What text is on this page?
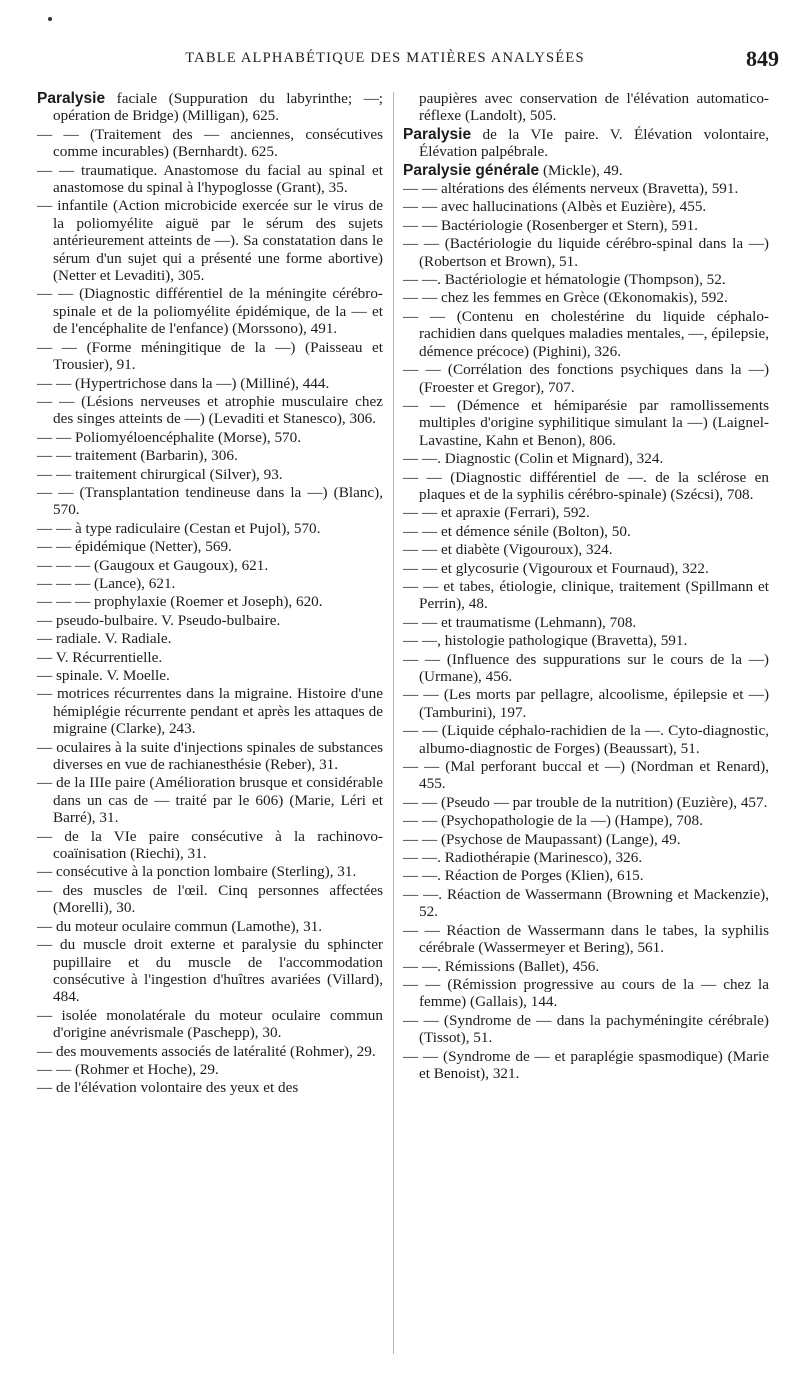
TABLE ALPHABÉTIQUE DES MATIÈRES ANALYSÉES	849

Paralysie faciale (Suppuration du labyrinthe; —; opération de Bridge) (Milligan), 625.

— — (Traitement des — anciennes, consécutives comme incurables) (Bernhardt). 625.

— — traumatique. Anastomose du facial au spinal et anastomose du spinal à l'hypoglosse (Grant), 35.

— infantile (Action microbicide exercée sur le virus de la poliomyélite aiguë par le sérum des sujets antérieurement atteints de —). Sa constatation dans le sérum d'un sujet qui a présenté une forme abortive) (Netter et Levaditi), 305.

— — (Diagnostic différentiel de la méningite cérébro-spinale et de la poliomyélite épidémique, de la — et de l'encéphalite de l'enfance) (Morssono), 491.

— — (Forme méningitique de la —) (Paisseau et Trousier), 91.

— — (Hypertrichose dans la —) (Milliné), 444.

— — (Lésions nerveuses et atrophie musculaire chez des singes atteints de —) (Levaditi et Stanesco), 306.

— — Poliomyéloencéphalite (Morse), 570.

— — traitement (Barbarin), 306.

— — traitement chirurgical (Silver), 93.

— — (Transplantation tendineuse dans la —) (Blanc), 570.

— — à type radiculaire (Cestan et Pujol), 570.

— — épidémique (Netter), 569.

— — — (Gaugoux et Gaugoux), 621.

— — — (Lance), 621.

— — — prophylaxie (Roemer et Joseph), 620.

— pseudo-bulbaire. V. Pseudo-bulbaire.

— radiale. V. Radiale.

— V. Récurrentielle.

— spinale. V. Moelle.

— motrices récurrentes dans la migraine. Histoire d'une hémiplégie récurrente pendant et après les attaques de migraine (Clarke), 243.

— oculaires à la suite d'injections spinales de substances diverses en vue de rachianesthésie (Reber), 31.

— de la IIIe paire (Amélioration brusque et considérable dans un cas de — traité par le 606) (Marie, Léri et Barré), 31.

— de la VIe paire consécutive à la rachinovo-coaïnisation (Riechi), 31.

— consécutive à la ponction lombaire (Sterling), 31.

— des muscles de l'œil. Cinq personnes affectées (Morelli), 30.

— du moteur oculaire commun (Lamothe), 31.

— du muscle droit externe et paralysie du sphincter pupillaire et du muscle de l'accommodation consécutive à l'ingestion d'huîtres avariées (Villard), 484.

— isolée monolatérale du moteur oculaire commun d'origine anévrismale (Paschepp), 30.

— des mouvements associés de latéralité (Rohmer), 29.

— — (Rohmer et Hoche), 29.

— de l'élévation volontaire des yeux et des

paupières avec conservation de l'élévation automatico-réflexe (Landolt), 505.

Paralysie de la VIe paire. V. Élévation volontaire, Élévation palpébrale.

Paralysie générale (Mickle), 49.

— — altérations des éléments nerveux (Bravetta), 591.

— — avec hallucinations (Albès et Euzière), 455.

— — Bactériologie (Rosenberger et Stern), 591.

— — (Bactériologie du liquide cérébro-spinal dans la —) (Robertson et Brown), 51.

— —. Bactériologie et hématologie (Thompson), 52.

— — chez les femmes en Grèce (Œkonomakis), 592.

— — (Contenu en cholestérine du liquide céphalo-rachidien dans quelques maladies mentales, —, épilepsie, démence précoce) (Pighini), 326.

— — (Corrélation des fonctions psychiques dans la —) (Froester et Gregor), 707.

— — (Démence et hémiparésie par ramollissements multiples d'origine syphilitique simulant la —) (Laignel-Lavastine, Kahn et Benon), 806.

— —. Diagnostic (Colin et Mignard), 324.

— — (Diagnostic différentiel de —. de la sclérose en plaques et de la syphilis cérébro-spinale) (Szécsi), 708.

— — et apraxie (Ferrari), 592.

— — et démence sénile (Bolton), 50.

— — et diabète (Vigouroux), 324.

— — et glycosurie (Vigouroux et Fournaud), 322.

— — et tabes, étiologie, clinique, traitement (Spillmann et Perrin), 48.

— — et traumatisme (Lehmann), 708.

— —, histologie pathologique (Bravetta), 591.

— — (Influence des suppurations sur le cours de la —) (Urmane), 456.

— — (Les morts par pellagre, alcoolisme, épilepsie et —) (Tamburini), 197.

— — (Liquide céphalo-rachidien de la —. Cyto-diagnostic, albumo-diagnostic de Forges) (Beaussart), 51.

— — (Mal perforant buccal et —) (Nordman et Renard), 455.

— — (Pseudo — par trouble de la nutrition) (Euzière), 457.

— — (Psychopathologie de la —) (Hampe), 708.

— — (Psychose de Maupassant) (Lange), 49.

— —. Radiothérapie (Marinesco), 326.

— —. Réaction de Porges (Klien), 615.

— —. Réaction de Wassermann (Browning et Mackenzie), 52.

— — Réaction de Wassermann dans le tabes, la syphilis cérébrale (Wassermeyer et Bering), 561.

— —. Rémissions (Ballet), 456.

— — (Rémission progressive au cours de la — chez la femme) (Gallais), 144.

— — (Syndrome de — dans la pachyméningite cérébrale) (Tissot), 51.

— — (Syndrome de — et paraplégie spasmodique) (Marie et Benoist), 321.
